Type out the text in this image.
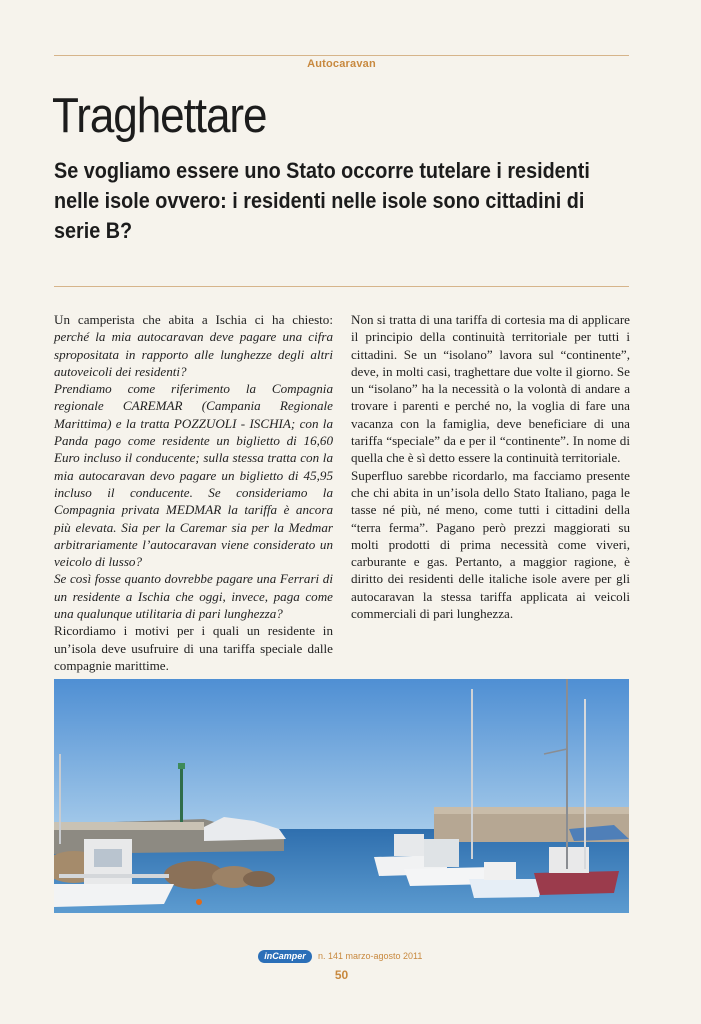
Autocaravan
Traghettare
Se vogliamo essere uno Stato occorre tutelare i residenti nelle isole ovvero: i residenti nelle isole sono cittadini di serie B?

Un camperista che abita a Ischia ci ha chiesto: perché la mia autocaravan deve pagare una cifra spropositata in rapporto alle lunghezze degli altri autoveicoli dei residenti?

Prendiamo come riferimento la Compagnia regionale CAREMAR (Campania Regionale Marittima) e la tratta POZZUOLI - ISCHIA; con la Panda pago come residente un biglietto di 16,60 Euro incluso il conducente; sulla stessa tratta con la mia autocaravan devo pagare un biglietto di 45,95 incluso il conducente. Se consideriamo la Compagnia privata MEDMAR la tariffa è ancora più elevata. Sia per la Caremar sia per la Medmar arbitrariamente l’autocaravan viene considerato un veicolo di lusso?

Se così fosse quanto dovrebbe pagare una Ferrari di un residente a Ischia che oggi, invece, paga come una qualunque utilitaria di pari lunghezza?

Ricordiamo i motivi per i quali un residente in un’isola deve usufruire di una tariffa speciale dalle compagnie marittime.

Non si tratta di una tariffa di cortesia ma di applicare il principio della continuità territoriale per tutti i cittadini. Se un “isolano” lavora sul “continente”, deve, in molti casi, traghettare due volte il giorno. Se un “isolano” ha la necessità o la volontà di andare a trovare i parenti e perché no, la voglia di fare una vacanza con la famiglia, deve beneficiare di una tariffa “speciale” da e per il “continente”. In nome di quella che è sì detto essere la continuità territoriale.

Superfluo sarebbe ricordarlo, ma facciamo presente che chi abita in un’isola dello Stato Italiano, paga le tasse né più, né meno, come tutti i cittadini della “terra ferma”. Pagano però prezzi maggiorati su molti prodotti di prima necessità come viveri, carburante e gas. Pertanto, a maggior ragione, è diritto dei residenti delle italiche isole avere per gli autocaravan la stessa tariffa applicata ai veicoli commerciali di pari lunghezza.

inCamper	n. 141 marzo-agosto 2011
50
